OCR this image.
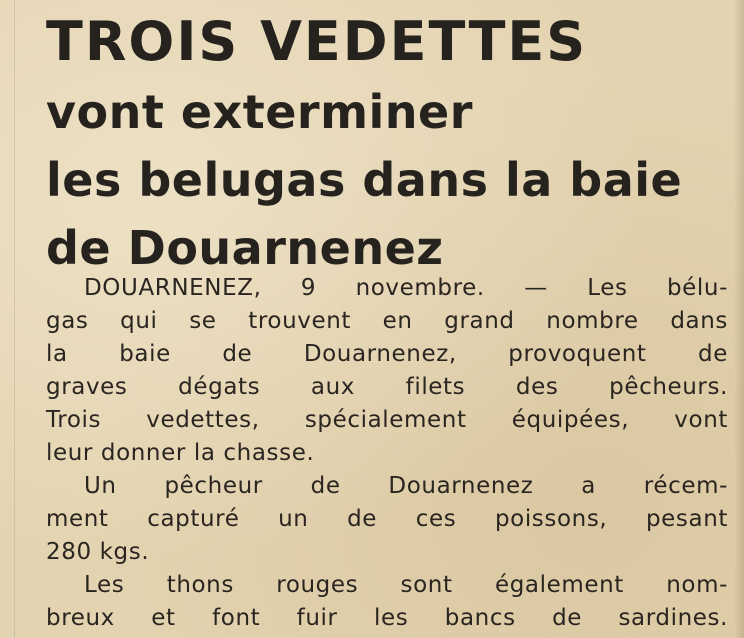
TROIS VEDETTES
vont exterminer
les belugas dans la baie
de Douarnenez
DOUARNENEZ, 9 novembre. — Les bélu-
gas qui se trouvent en grand nombre dans
la baie de Douarnenez, provoquent de
graves dégats aux filets des pêcheurs.
Trois vedettes, spécialement équipées, vont
leur donner la chasse.
Un pêcheur de Douarnenez a récem-
ment capturé un de ces poissons, pesant
280 kgs.
Les thons rouges sont également nom-
breux et font fuir les bancs de sardines.
